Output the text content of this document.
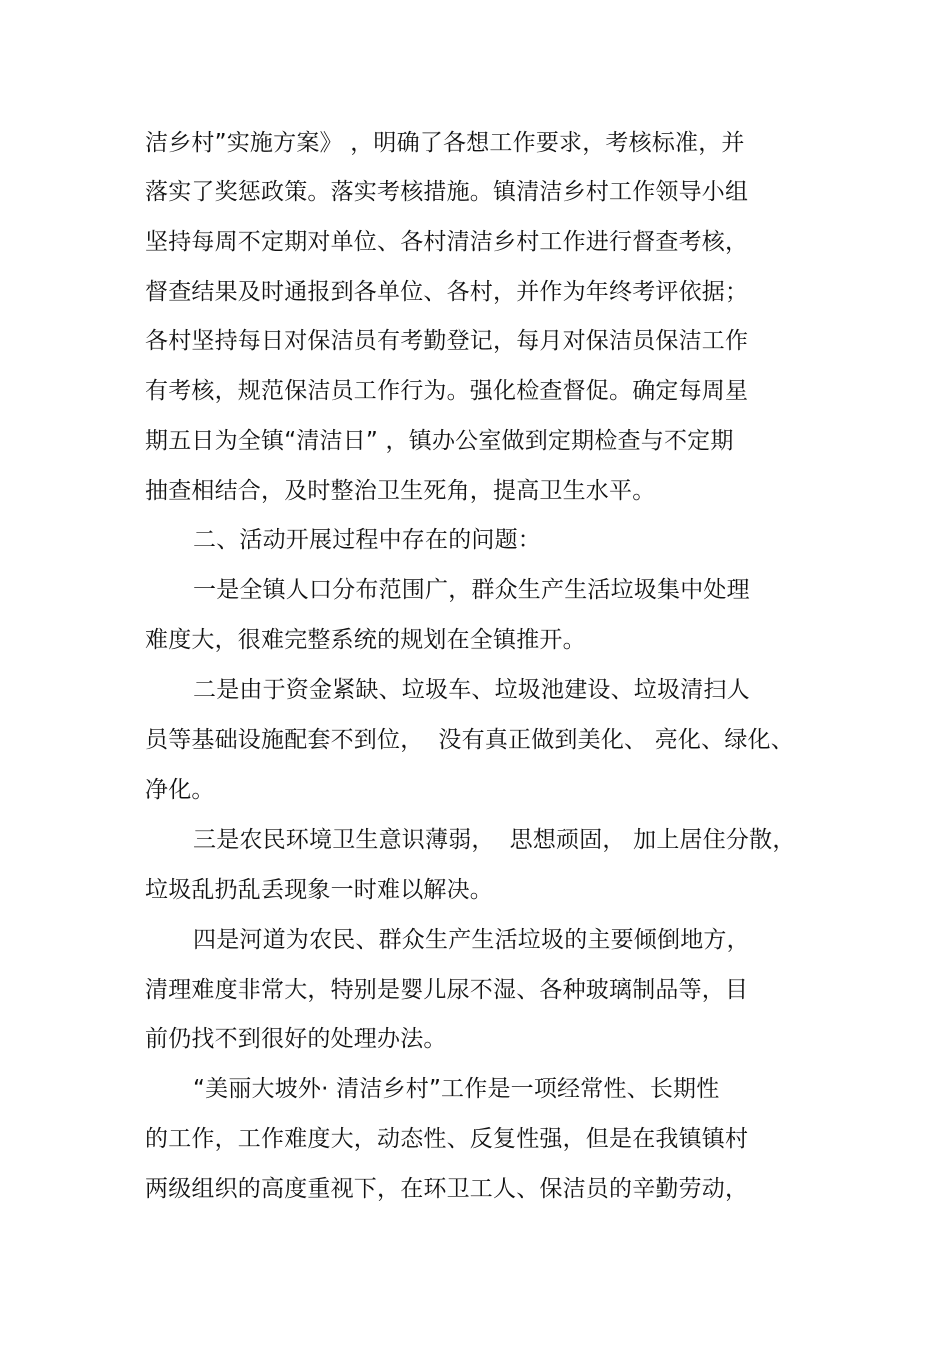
洁乡村”实施方案》 ，明确了各想工作要求，考核标准，并

落实了奖惩政策。落实考核措施。镇清洁乡村工作领导小组

坚持每周不定期对单位、各村清洁乡村工作进行督查考核，

督查结果及时通报到各单位、各村，并作为年终考评依据；

各村坚持每日对保洁员有考勤登记，每月对保洁员保洁工作

有考核，规范保洁员工作行为。强化检查督促。确定每周星

期五日为全镇“清洁日” ，镇办公室做到定期检查与不定期

抽查相结合，及时整治卫生死角，提高卫生水平。

二、活动开展过程中存在的问题：

一是全镇人口分布范围广，群众生产生活垃圾集中处理

难度大，很难完整系统的规划在全镇推开。

二是由于资金紧缺、垃圾车、垃圾池建设、垃圾清扫人

员等基础设施配套不到位，  没有真正做到美化、 亮化、绿化、

净化。

三是农民环境卫生意识薄弱，  思想顽固， 加上居住分散，

垃圾乱扔乱丢现象一时难以解决。

四是河道为农民、群众生产生活垃圾的主要倾倒地方，

清理难度非常大，特别是婴儿尿不湿、各种玻璃制品等，目

前仍找不到很好的处理办法。

“美丽大坡外· 清洁乡村”工作是一项经常性、长期性

的工作，工作难度大，动态性、反复性强，但是在我镇镇村

两级组织的高度重视下，在环卫工人、保洁员的辛勤劳动，
